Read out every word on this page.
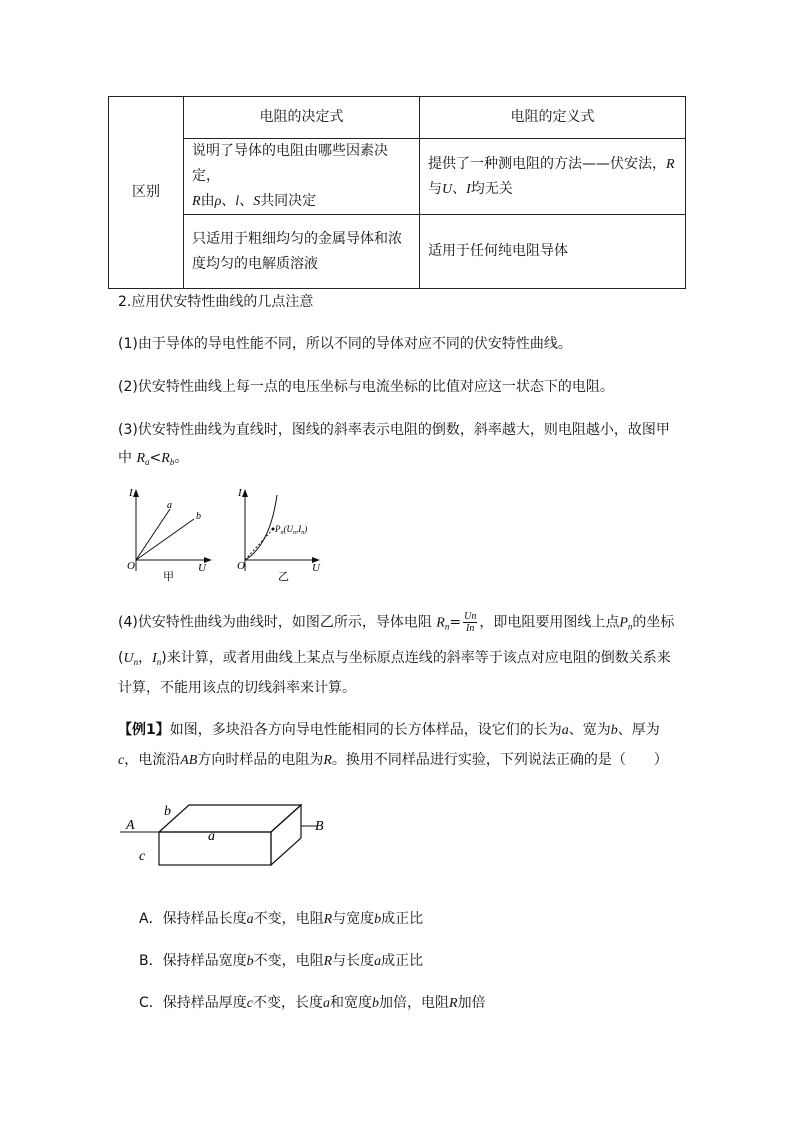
区别	电阻的决定式	电阻的定义式
	说明了导体的电阻由哪些因素决定，
R由ρ、l、S共同决定	提供了一种测电阻的方法——伏安法，R
与U、I均无关
	只适用于粗细均匀的金属导体和浓
度均匀的电解质溶液	适用于任何纯电阻导体
2.应用伏安特性曲线的几点注意
(1)由于导体的导电性能不同，所以不同的导体对应不同的伏安特性曲线。
(2)伏安特性曲线上每一点的电压坐标与电流坐标的比值对应这一状态下的电阻。
(3)伏安特性曲线为直线时，图线的斜率表示电阻的倒数，斜率越大，则电阻越小，故图甲
中 $R_a<R_b$。
I
U
O
a
b
甲
$P_n(U_n,I_n)$
I
U
O
乙
(4)伏安特性曲线为曲线时，如图乙所示，导体电阻 $R_n= \frac{Un}{In}$ ，即电阻要用图线上点$P_n$的坐标
($U_n$，$I_n$)来计算，或者用曲线上某点与坐标原点连线的斜率等于该点对应电阻的倒数关系来
计算，不能用该点的切线斜率来计算。
【例1】如图，多块沿各方向导电性能相同的长方体样品，设它们的长为a、宽为b、厚为
c，电流沿AB方向时样品的电阻为R。换用不同样品进行实验，下列说法正确的是（　　）
A	B
a
b
c
A．保持样品长度a不变，电阻R与宽度b成正比
B．保持样品宽度b不变，电阻R与长度a成正比
C．保持样品厚度c不变，长度a和宽度b加倍，电阻R加倍
